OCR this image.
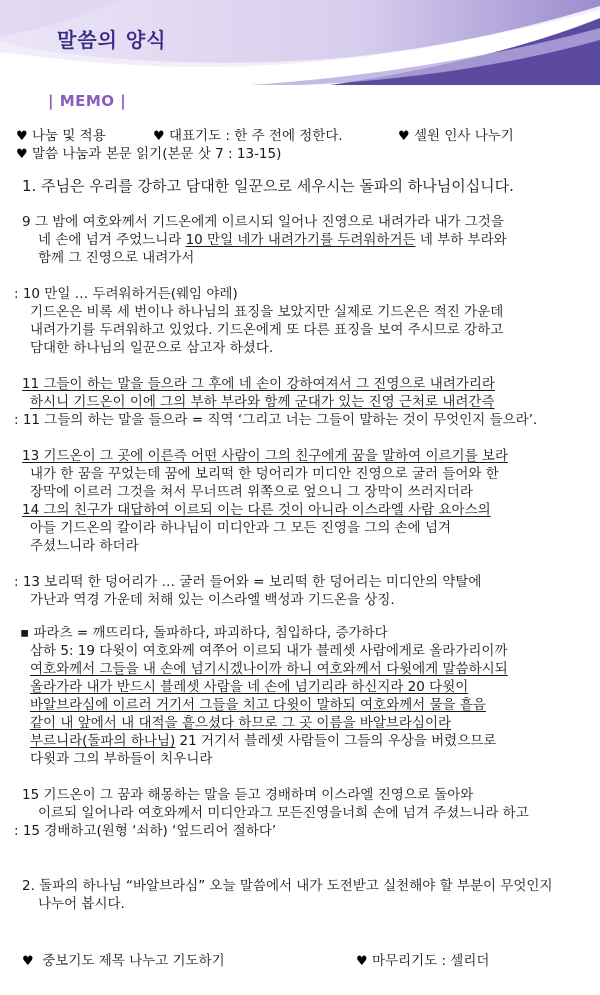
말씀의 양식
| MEMO |
♥ 나눔 및 적용	♥ 대표기도 : 한 주 전에 정한다.	♥ 셀원 인사 나누기
♥ 말씀 나눔과 본문 읽기(본문 삿 7 : 13-15)
1. 주님은 우리를 강하고 담대한 일꾼으로 세우시는 돌파의 하나님이십니다.
9 그 밤에 여호와께서 기드온에게 이르시되 일어나 진영으로 내려가라 내가 그것을
네 손에 넘겨 주었느니라 10 만일 네가 내려가기를 두려워하거든 네 부하 부라와
함께 그 진영으로 내려가서
: 10 만일 … 두려워하거든(웨임 야레)
기드온은 비록 세 번이나 하나님의 표징을 보았지만 실제로 기드온은 적진 가운데
내려가기를 두려워하고 있었다. 기드온에게 또 다른 표징을 보여 주시므로 강하고
담대한 하나님의 일꾼으로 삼고자 하셨다.
11 그들이 하는 말을 들으라 그 후에 네 손이 강하여져서 그 진영으로 내려가리라
하시니 기드온이 이에 그의 부하 부라와 함께 군대가 있는 진영 근처로 내려간즉
: 11 그들의 하는 말을 들으라 = 직역 ‘그리고 너는 그들이 말하는 것이 무엇인지 들으라’.
13 기드온이 그 곳에 이른즉 어떤 사람이 그의 친구에게 꿈을 말하여 이르기를 보라
내가 한 꿈을 꾸었는데 꿈에 보리떡 한 덩어리가 미디안 진영으로 굴러 들어와 한
장막에 이르러 그것을 쳐서 무너뜨려 위쪽으로 엎으니 그 장막이 쓰러지더라
14 그의 친구가 대답하여 이르되 이는 다른 것이 아니라 이스라엘 사람 요아스의
아들 기드온의 칼이라 하나님이 미디안과 그 모든 진영을 그의 손에 넘겨
주셨느니라 하더라
: 13 보리떡 한 덩어리가 … 굴러 들어와 = 보리떡 한 덩어리는 미디안의 약탈에
가난과 역경 가운데 처해 있는 이스라엘 백성과 기드온을 상징.
▪ 파라츠 = 깨뜨리다, 돌파하다, 파괴하다, 침입하다, 증가하다
삼하 5: 19 다윗이 여호와께 여쭈어 이르되 내가 블레셋 사람에게로 올라가리이까
여호와께서 그들을 내 손에 넘기시겠나이까 하니 여호와께서 다윗에게 말씀하시되
올라가라 내가 반드시 블레셋 사람을 네 손에 넘기리라 하신지라 20 다윗이
바알브라심에 이르러 거기서 그들을 치고 다윗이 말하되 여호와께서 물을 흩음
같이 내 앞에서 내 대적을 흩으셨다 하므로 그 곳 이름을 바알브라심이라
부르니라(돌파의 하나님) 21 거기서 블레셋 사람들이 그들의 우상을 버렸으므로
다윗과 그의 부하들이 치우니라
15 기드온이 그 꿈과 해몽하는 말을 듣고 경배하며 이스라엘 진영으로 돌아와
이르되 일어나라 여호와께서 미디안과그 모든진영을너희 손에 넘겨 주셨느니라 하고
: 15 경배하고(원형 ‘쇠하) ‘엎드리어 절하다’
2. 돌파의 하나님 “바알브라심” 오늘 말씀에서 내가 도전받고 실천해야 할 부분이 무엇인지
나누어 봅시다.
♥ 중보기도 제목 나누고 기도하기	♥ 마무리기도 : 셀리더
